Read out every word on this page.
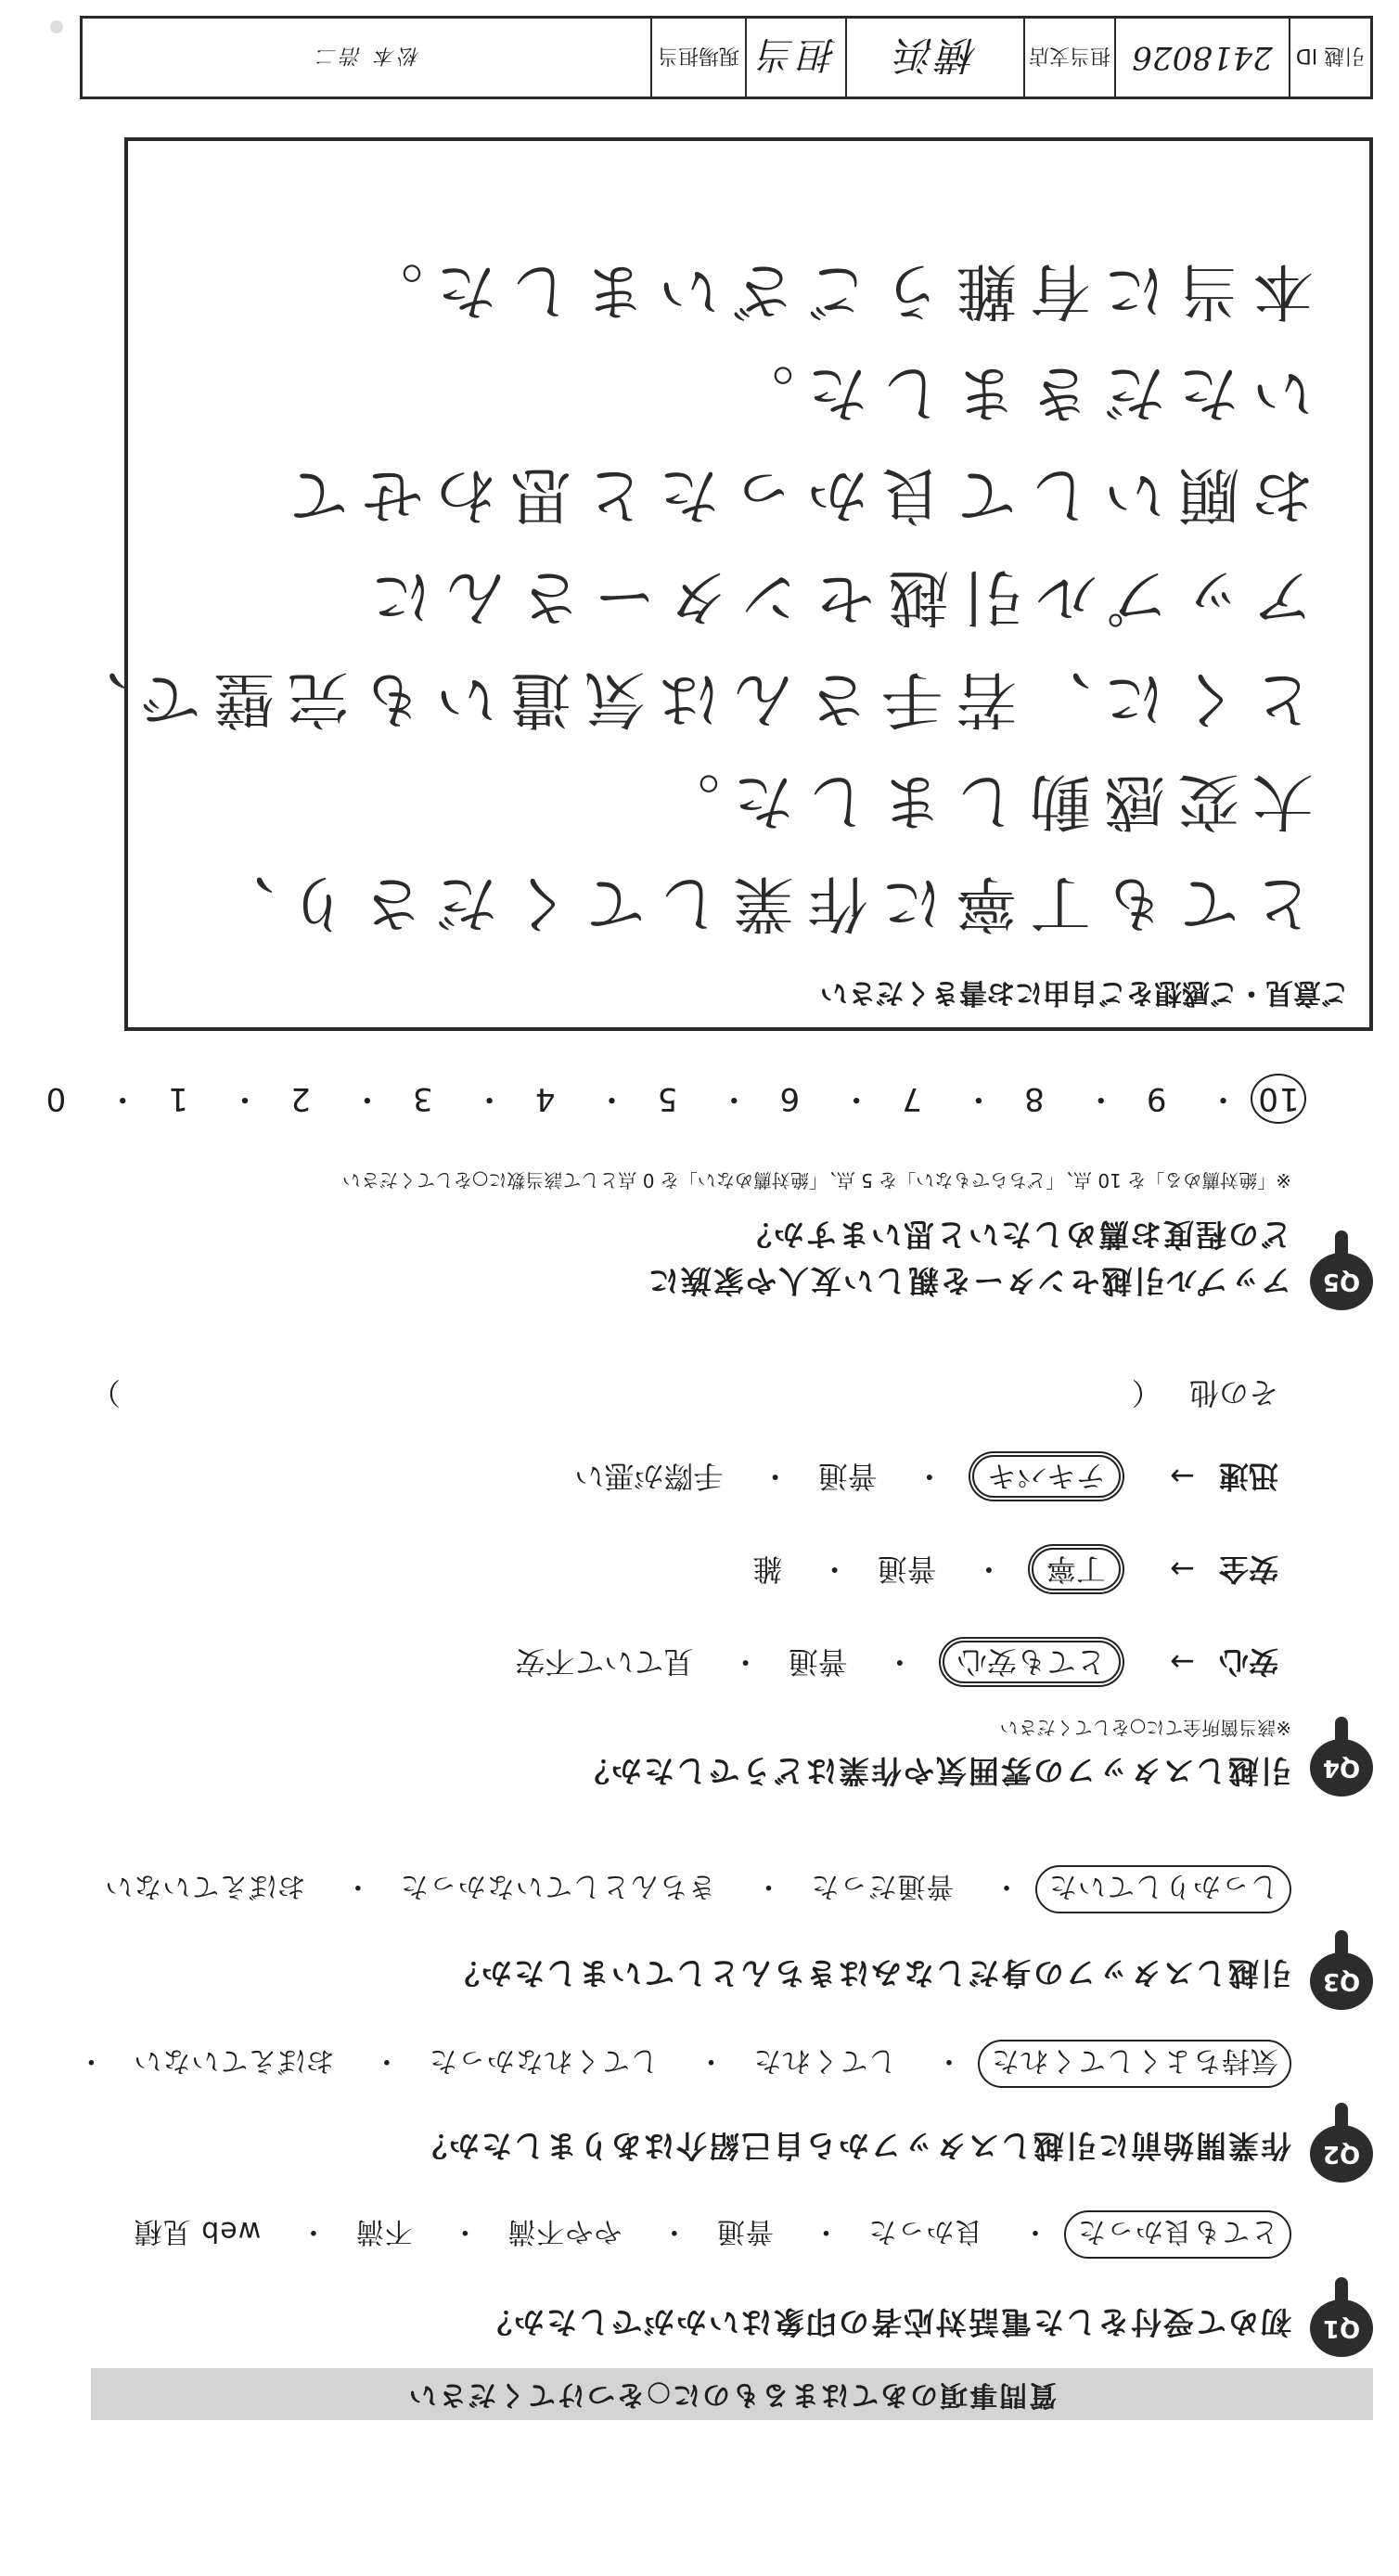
質問事項のあてはまるものに○をつけてください
Q1
初めて受付をした電話対応者の印象はいかがでしたか？
とても良かった・ 良かった・ 普通・ やや不満・ 不満・ web 見積
Q2
作業開始前に引越しスタッフから自己紹介はありましたか？
気持ちよくしてくれた・ してくれた・ してくれなかった・ おぼえていない・
Q3
引越しスタッフの身だしなみはきちんとしていましたか？
しっかりしていた・ 普通だった・ きちんとしていなかった・ おぼえていない
Q4
引越しスタッフの雰囲気や作業はどうでしたか？
※該当箇所全てに○をしてください
安心→ とても安心・ 普通・ 見ていて不安
安全→ 丁寧・ 普通・ 雑
迅速→ テキパキ・ 普通・ 手際が悪い
その他 （
）
Q5
アップル引越センターを親しい友人や家族に
どの程度お薦めしたいと思いますか？
※「絶対薦める」を 10 点、「どちらでもない」を 5 点、「絶対薦めない」を 0 点として該当数に○をしてください
10・ 9・ 8・ 7・ 6・ 5・ 4・ 3・ 2・ 1・ 0
ご意見・ご感想をご自由にお書きください
とても丁寧に作業してくださり、
大変感動しました。
とくに、若手さんは気遣いも完璧で、
アップル引越センターさんに
お願いして良かったと思わせて
いただきました。
本当に有難うございました。
引越 ID
2418026
担当支店
横浜
担当
現場担当
松本 浩二
